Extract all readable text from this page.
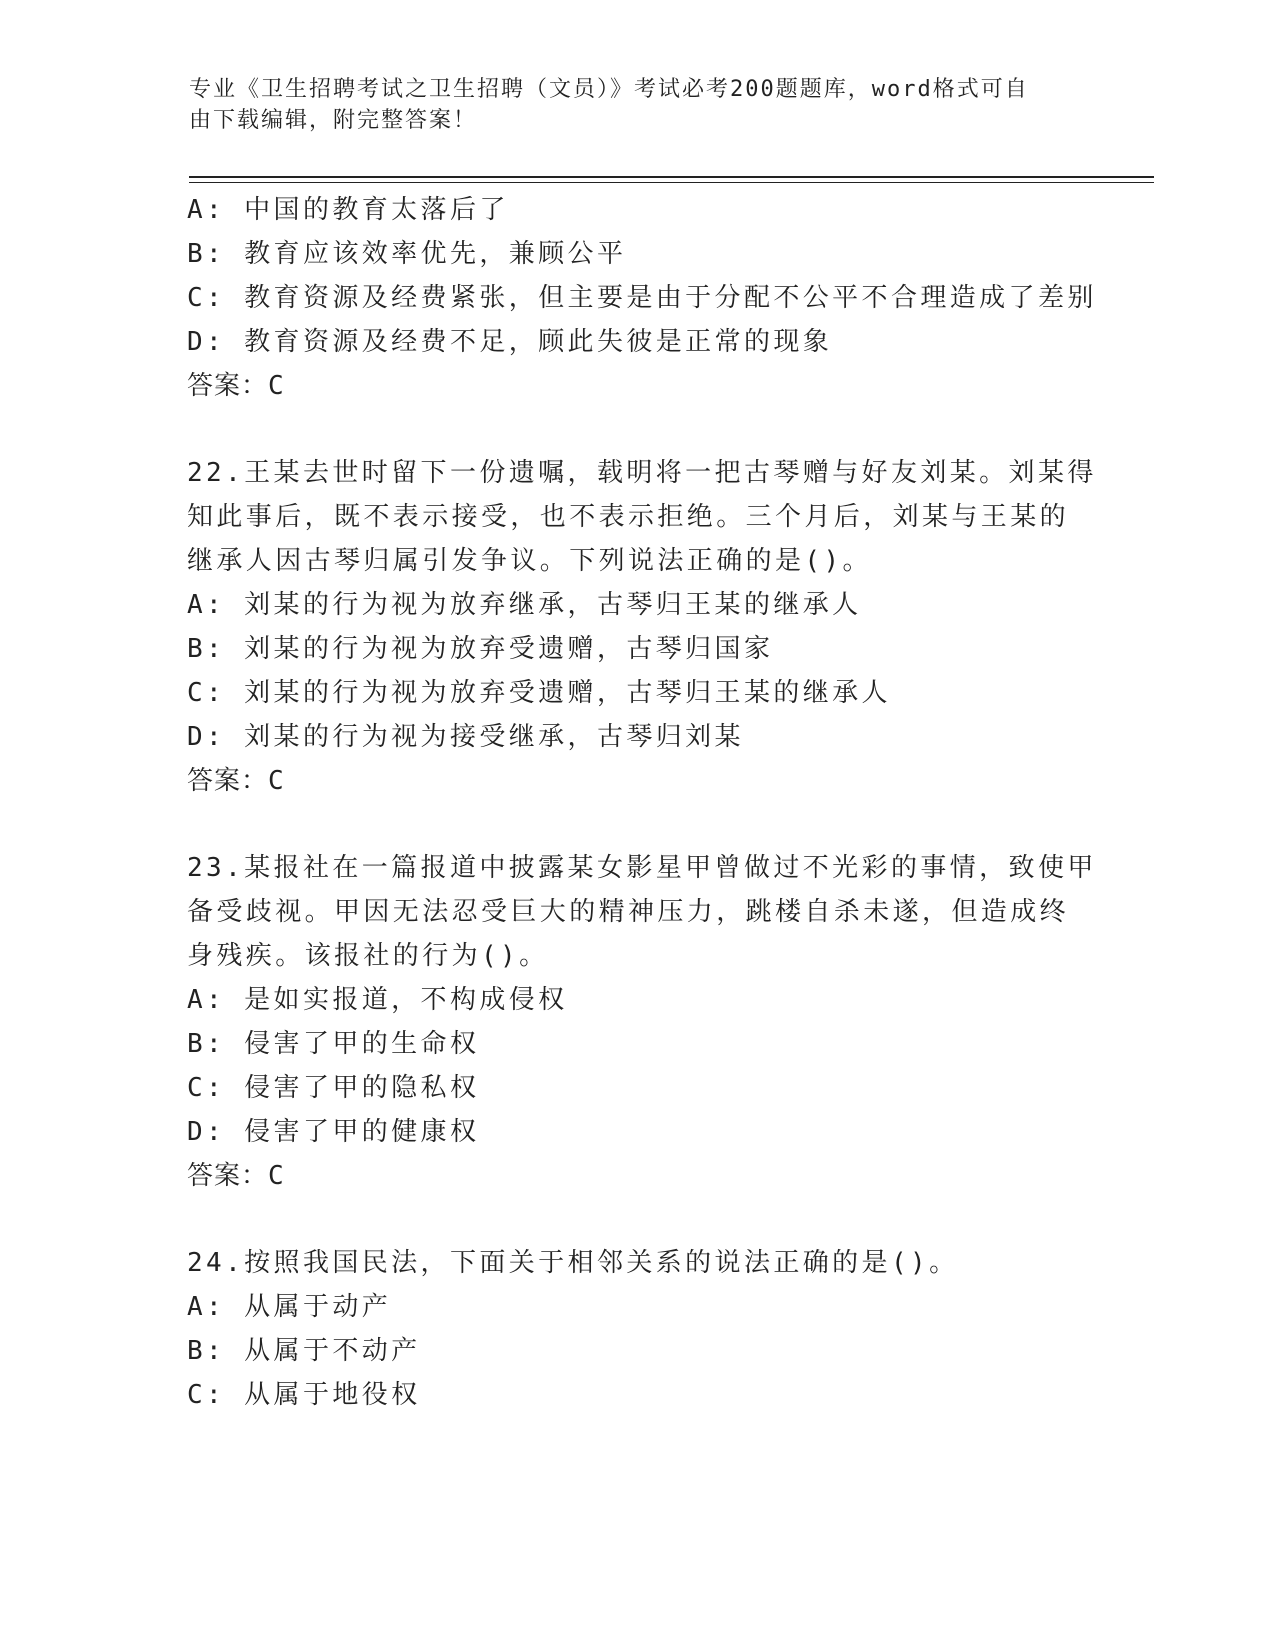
专业《卫生招聘考试之卫生招聘（文员）》考试必考200题题库，word格式可自
由下载编辑，附完整答案！
A: 中国的教育太落后了
B: 教育应该效率优先，兼顾公平
C: 教育资源及经费紧张，但主要是由于分配不公平不合理造成了差别
D: 教育资源及经费不足，顾此失彼是正常的现象
答案：C
22.王某去世时留下一份遗嘱，载明将一把古琴赠与好友刘某。刘某得
知此事后，既不表示接受，也不表示拒绝。三个月后，刘某与王某的
继承人因古琴归属引发争议。下列说法正确的是()。
A: 刘某的行为视为放弃继承，古琴归王某的继承人
B: 刘某的行为视为放弃受遗赠，古琴归国家
C: 刘某的行为视为放弃受遗赠，古琴归王某的继承人
D: 刘某的行为视为接受继承，古琴归刘某
答案：C
23.某报社在一篇报道中披露某女影星甲曾做过不光彩的事情，致使甲
备受歧视。甲因无法忍受巨大的精神压力，跳楼自杀未遂，但造成终
身残疾。该报社的行为()。
A: 是如实报道，不构成侵权
B: 侵害了甲的生命权
C: 侵害了甲的隐私权
D: 侵害了甲的健康权
答案：C
24.按照我国民法，下面关于相邻关系的说法正确的是()。
A: 从属于动产
B: 从属于不动产
C: 从属于地役权
